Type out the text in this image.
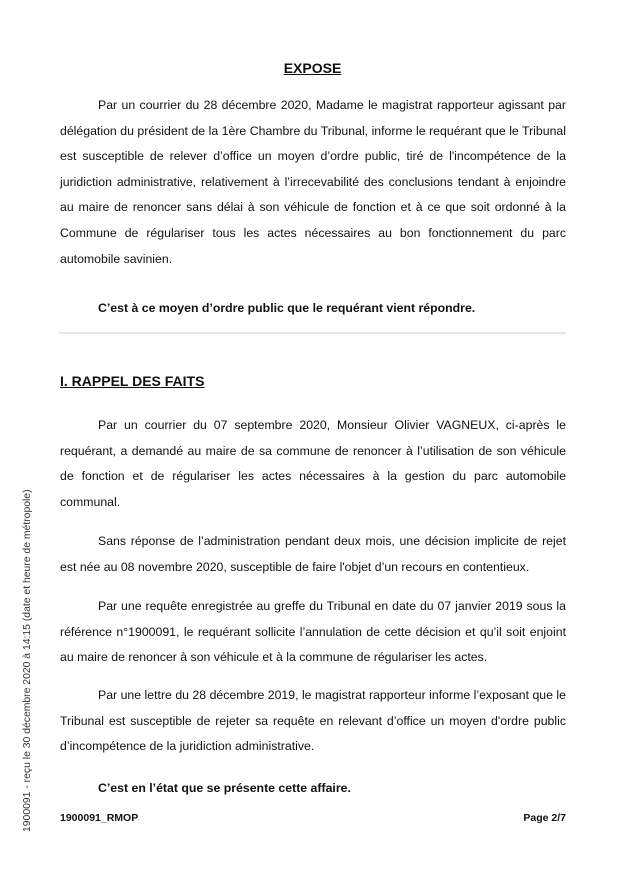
EXPOSE

Par un courrier du 28 décembre 2020, Madame le magistrat rapporteur agissant par délégation du président de la 1ère Chambre du Tribunal, informe le requérant que le Tribunal est susceptible de relever d’office un moyen d’ordre public, tiré de l'incompétence de la juridiction administrative, relativement à l’irrecevabilité des conclusions tendant à enjoindre au maire de renoncer sans délai à son véhicule de fonction et à ce que soit ordonné à la Commune de régulariser tous les actes nécessaires au bon fonctionnement du parc automobile savinien.

C’est à ce moyen d’ordre public que le requérant vient répondre.

I. RAPPEL DES FAITS

Par un courrier du 07 septembre 2020, Monsieur Olivier VAGNEUX, ci-après le requérant, a demandé au maire de sa commune de renoncer à l’utilisation de son véhicule de fonction et de régulariser les actes nécessaires à la gestion du parc automobile communal.

Sans réponse de l’administration pendant deux mois, une décision implicite de rejet est née au 08 novembre 2020, susceptible de faire l'objet d’un recours en contentieux.

Par une requête enregistrée au greffe du Tribunal en date du 07 janvier 2019 sous la référence n°1900091, le requérant sollicite l’annulation de cette décision et qu’il soit enjoint au maire de renoncer à son véhicule et à la commune de régulariser les actes.

Par une lettre du 28 décembre 2019, le magistrat rapporteur informe l’exposant que le Tribunal est susceptible de rejeter sa requête en relevant d’office un moyen d'ordre public d’incompétence de la juridiction administrative.

C’est en l’état que se présente cette affaire.

1900091_RMOP	Page 2/7
1900091 - reçu le 30 décembre 2020 à 14:15 (date et heure de métropole)
